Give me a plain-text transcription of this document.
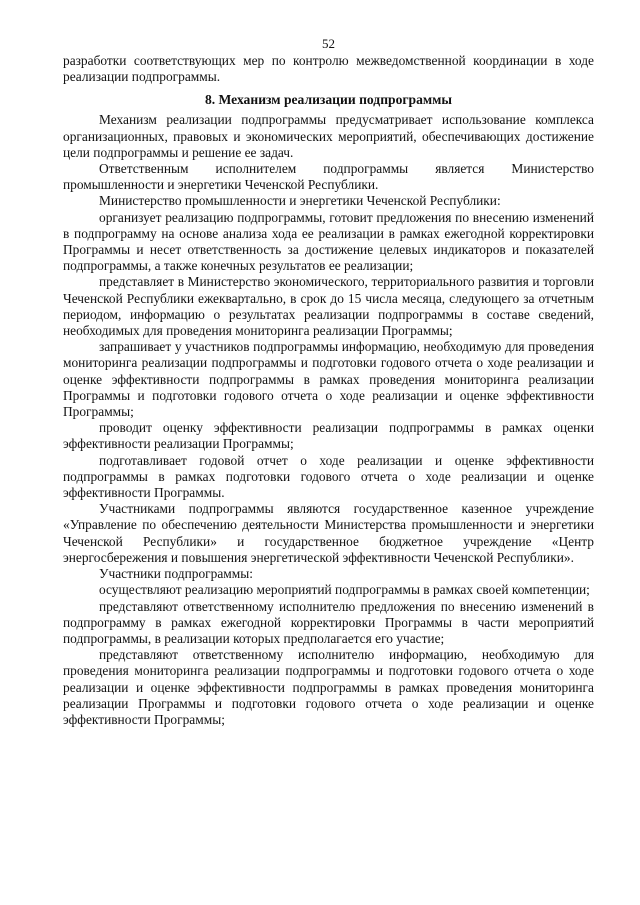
52

разработки соответствующих мер по контролю межведомственной координации в ходе реализации подпрограммы.

8. Механизм реализации подпрограммы

Механизм реализации подпрограммы предусматривает использование комплекса организационных, правовых и экономических мероприятий, обеспечивающих достижение цели подпрограммы и решение ее задач.

Ответственным исполнителем подпрограммы является Министерство промышленности и энергетики Чеченской Республики.

Министерство промышленности и энергетики Чеченской Республики:

организует реализацию подпрограммы, готовит предложения по внесению изменений в подпрограмму на основе анализа хода ее реализации в рамках ежегодной корректировки Программы и несет ответственность за достижение целевых индикаторов и показателей подпрограммы, а также конечных результатов ее реализации;

представляет в Министерство экономического, территориального развития и торговли Чеченской Республики ежеквартально, в срок до 15 числа месяца, следующего за отчетным периодом, информацию о результатах реализации подпрограммы в составе сведений, необходимых для проведения мониторинга реализации Программы;

запрашивает у участников подпрограммы информацию, необходимую для проведения мониторинга реализации подпрограммы и подготовки годового отчета о ходе реализации и оценке эффективности подпрограммы в рамках проведения мониторинга реализации Программы и подготовки годового отчета о ходе реализации и оценке эффективности Программы;

проводит оценку эффективности реализации подпрограммы в рамках оценки эффективности реализации Программы;

подготавливает годовой отчет о ходе реализации и оценке эффективности подпрограммы в рамках подготовки годового отчета о ходе реализации и оценке эффективности Программы.

Участниками подпрограммы являются государственное казенное учреждение «Управление по обеспечению деятельности Министерства промышленности и энергетики Чеченской Республики» и государственное бюджетное учреждение «Центр энергосбережения и повышения энергетической эффективности Чеченской Республики».

Участники подпрограммы:

осуществляют реализацию мероприятий подпрограммы в рамках своей компетенции;

представляют ответственному исполнителю предложения по внесению изменений в подпрограмму в рамках ежегодной корректировки Программы в части мероприятий подпрограммы, в реализации которых предполагается его участие;

представляют ответственному исполнителю информацию, необходимую для проведения мониторинга реализации подпрограммы и подготовки годового отчета о ходе реализации и оценке эффективности подпрограммы в рамках проведения мониторинга реализации Программы и подготовки годового отчета о ходе реализации и оценке эффективности Программы;
